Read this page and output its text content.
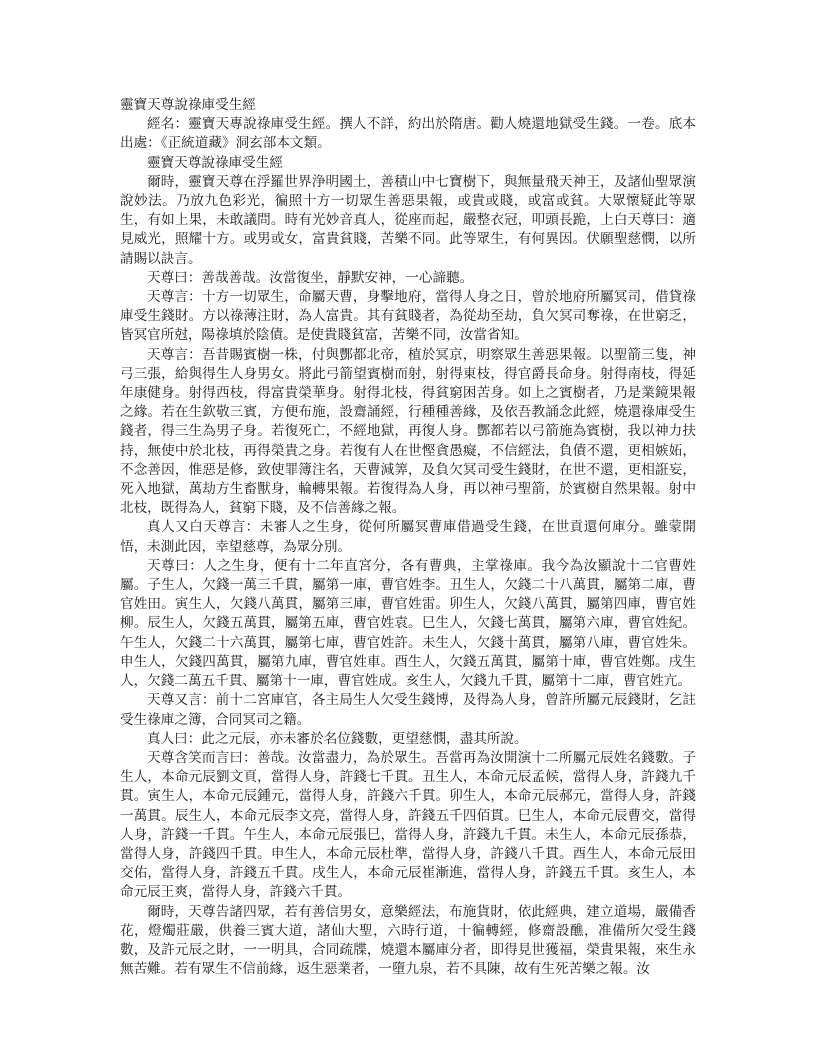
靈寶天尊說祿庫受生經

經名：靈寶天專說祿庫受生經。撰人不詳，約出於隋唐。勸人燒還地獄受生錢。一卷。底本出處：《正統道藏》洞玄部本文類。

靈寶天尊說祿庫受生經

爾時，靈寶天尊在浮羅世界浄明國土，善積山中七寶樹下，與無量飛天神王，及諸仙聖眾演說妙法。乃放九色彩光，徧照十方一切眾生善惡果報，或貴或賤，或富或貧。大眾懷疑此等眾生，有如上果，未敢議問。時有光妙音真人，從座而起，嚴整衣冠，叩頭長跪，上白天尊曰：適見威光，照耀十方。或男或女，富貴貧賤，苦樂不同。此等眾生，有何異因。伏願聖慈憫，以所請賜以訣言。

天尊曰：善哉善哉。汝當復坐，靜默安神，一心諦聽。

天尊言：十方一切眾生，命屬天曹，身擊地府，當得人身之日，曾於地府所屬冥司，借貸祿庫受生錢財。方以祿薄注財，為人富貴。其有貧賤者，為從劫至劫，負欠冥司奪祿，在世窮乏，皆冥官所尅，陽祿填於陰債。是使貴賤貧富，苦樂不同，汝當省知。

天尊言：吾昔賜賓樹一株，付與酆都北帝，植於冥京，明察眾生善惡果報。以聖箭三隻，神弓三張，給與得生人身男女。將此弓箭望賓樹而射，射得東枝，得官爵長命身。射得南枝，得延年康健身。射得西枝，得富貴榮華身。射得北枝，得貧窮困苦身。如上之賓樹者，乃是業鏡果報之緣。若在生欽敬三賓，方便布施，設齋誦經，行種種善緣，及依吾教誦念此經，燒還祿庫受生錢者，得三生為男子身。若復死亡，不經地獄，再復人身。酆都若以弓箭施為賓樹，我以神力扶持，無使中於北枝，再得榮貴之身。若復有人在世慳貪愚癡，不信經法，負債不還，更相嫉妬，不念善因，惟惡是修，致使罪簿注名，天曹減筭，及負欠冥司受生錢財，在世不還，更相誑妄，死入地獄，萬劫方生畜獸身，輪轉果報。若復得為人身，再以神弓聖箭，於賓樹自然果報。射中北枝，既得為人，貧窮下賤，及不信善緣之報。

真人又白天尊言：未審人之生身，從何所屬冥曹庫借過受生錢，在世貢還何庫分。雖蒙開悟，未測此因，幸望慈尊，為眾分別。

天尊曰：人之生身，便有十二年直宮分，各有曹典，主掌祿庫。我今為汝顯說十二官曹姓屬。子生人，欠錢一萬三千貫，屬第一庫，曹官姓李。丑生人，欠錢二十八萬貫，屬第二庫，曹官姓田。寅生人，欠錢八萬貫，屬第三庫，曹官姓雷。卯生人，欠錢八萬貫，屬第四庫，曹官姓柳。辰生人，欠錢五萬貫，屬第五庫，曹官姓袁。巳生人，欠錢七萬貫，屬第六庫，曹官姓紀。午生人，欠錢二十六萬貫，屬第七庫，曹官姓許。未生人，欠錢十萬貫，屬第八庫，曹官姓朱。申生人，欠錢四萬貫，屬第九庫，曹官姓車。酉生人，欠錢五萬貫，屬第十庫，曹官姓鄭。戌生人，欠錢二萬五千貫、屬第十一庫，曹官姓成。亥生人，欠錢九千貫，屬第十二庫，曹官姓亢。

天尊又言：前十二宮庫官，各主局生人欠受生錢博，及得為人身，曾許所屬元辰錢財，乞註受生祿庫之簿，合同冥司之籍。

真人曰：此之元辰，亦未審於名位錢數，更望慈憫，盡其所說。

天尊含笑而言曰：善哉。汝當盡力，為於眾生。吾當再為汝開演十二所屬元辰姓名錢數。子生人，本命元辰劉文頁，當得人身，許錢七千貫。丑生人，本命元辰孟候，當得人身，許錢九千貫。寅生人，本命元辰鍾元，當得人身，許錢六千貫。卯生人，本命元辰郝元，當得人身，許錢一萬貫。辰生人，本命元辰李文亮，當得人身，許錢五千四佰貫。巳生人，本命元辰曹交，當得人身，許錢一千貫。午生人，本命元辰張巳，當得人身，許錢九千貫。未生人，本命元辰孫恭，當得人身，許錢四千貫。申生人，本命元辰杜準，當得人身，許錢八千貫。酉生人，本命元辰田交佑，當得人身，許錢五千貫。戌生人，本命元辰崔漸進，當得人身，許錢五千貫。亥生人，本命元辰王爽，當得人身，許錢六千貫。

爾時，天尊告諸四眾，若有善信男女，意樂經法，布施貨財，依此經典，建立道場，嚴備香花，燈燭莊嚴，供養三賓大道，諸仙大聖，六時行道，十徧轉經，修齋設醮，准備所欠受生錢數，及許元辰之財，一一明具，合同疏牒，燒還本屬庫分者，即得見世獲福，榮貴果報，來生永無苦難。若有眾生不信前緣，返生惡業者，一墮九泉，若不具陳，故有生死苦樂之報。汝
